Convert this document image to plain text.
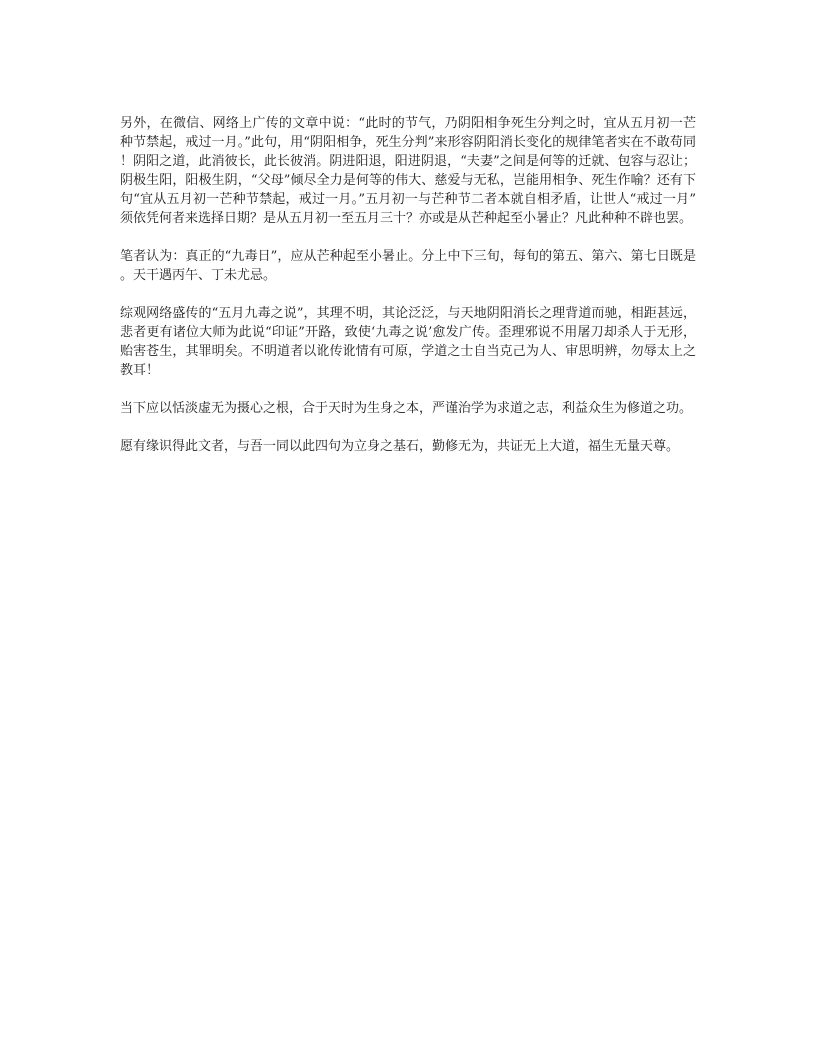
另外，在微信、网络上广传的文章中说：“此时的节气，乃阴阳相争死生分判之时，宜从五月初一芒种节禁起，戒过一月。”此句，用“阴阳相争，死生分判”来形容阴阳消长变化的规律笔者实在不敢苟同！阴阳之道，此消彼长，此长彼消。阴进阳退，阳进阴退，“夫妻”之间是何等的迁就、包容与忍让；阴极生阳，阳极生阴，“父母”倾尽全力是何等的伟大、慈爱与无私，岂能用相争、死生作喻？还有下句“宜从五月初一芒种节禁起，戒过一月。”五月初一与芒种节二者本就自相矛盾，让世人“戒过一月”须依凭何者来选择日期？是从五月初一至五月三十？亦或是从芒种起至小暑止？凡此种种不辟也罢。

笔者认为：真正的“九毒日”，应从芒种起至小暑止。分上中下三旬，每旬的第五、第六、第七日既是。天干遇丙午、丁未尤忌。

综观网络盛传的“五月九毒之说”，其理不明，其论泛泛，与天地阴阳消长之理背道而驰，相距甚远，悲者更有诸位大师为此说“印证”开路，致使‘九毒之说’愈发广传。歪理邪说不用屠刀却杀人于无形，贻害苍生，其罪明矣。不明道者以讹传讹情有可原，学道之士自当克己为人、审思明辨，勿辱太上之教耳！

当下应以恬淡虚无为摄心之根，合于天时为生身之本，严谨治学为求道之志，利益众生为修道之功。

愿有缘识得此文者，与吾一同以此四句为立身之基石，勤修无为，共证无上大道，福生无量天尊。
